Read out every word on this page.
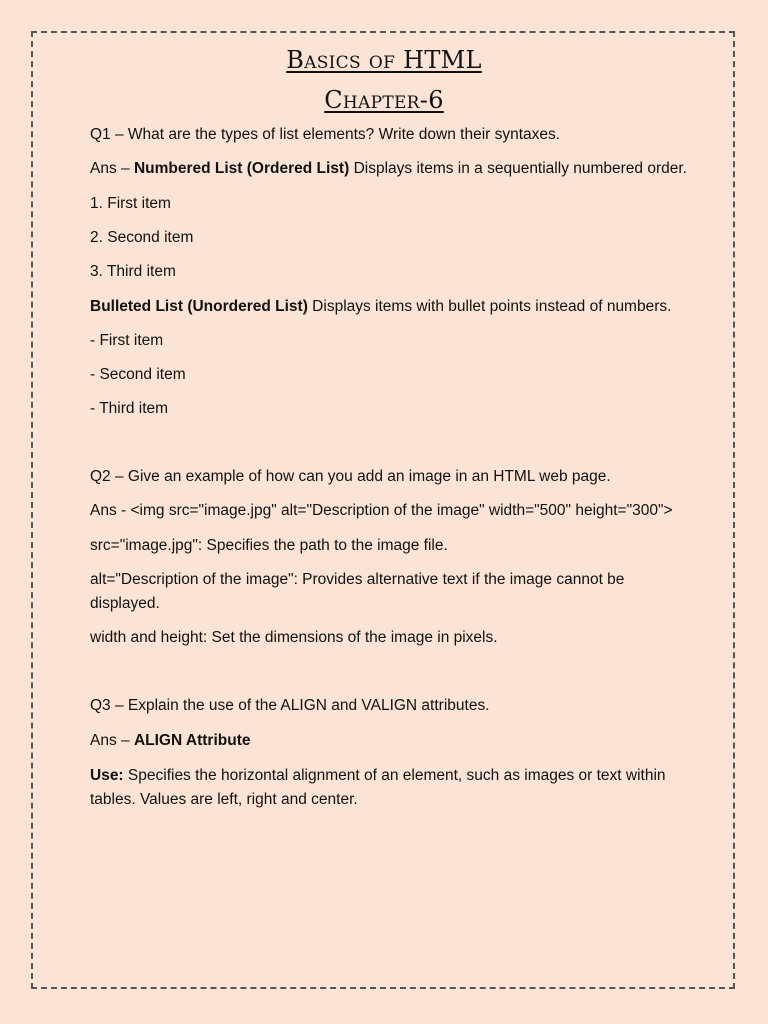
Basics of HTML
Chapter-6

Q1 – What are the types of list elements? Write down their syntaxes.

Ans – Numbered List (Ordered List) Displays items in a sequentially numbered order.

1. First item

2. Second item

3. Third item

Bulleted List (Unordered List) Displays items with bullet points instead of numbers.

- First item

- Second item

- Third item

Q2 – Give an example of how can you add an image in an HTML web page.

Ans - <img src="image.jpg" alt="Description of the image" width="500" height="300">

src="image.jpg": Specifies the path to the image file.

alt="Description of the image": Provides alternative text if the image cannot be displayed.

width and height: Set the dimensions of the image in pixels.

Q3 – Explain the use of the ALIGN and VALIGN attributes.

Ans – ALIGN Attribute

Use: Specifies the horizontal alignment of an element, such as images or text within tables. Values are left, right and center.
